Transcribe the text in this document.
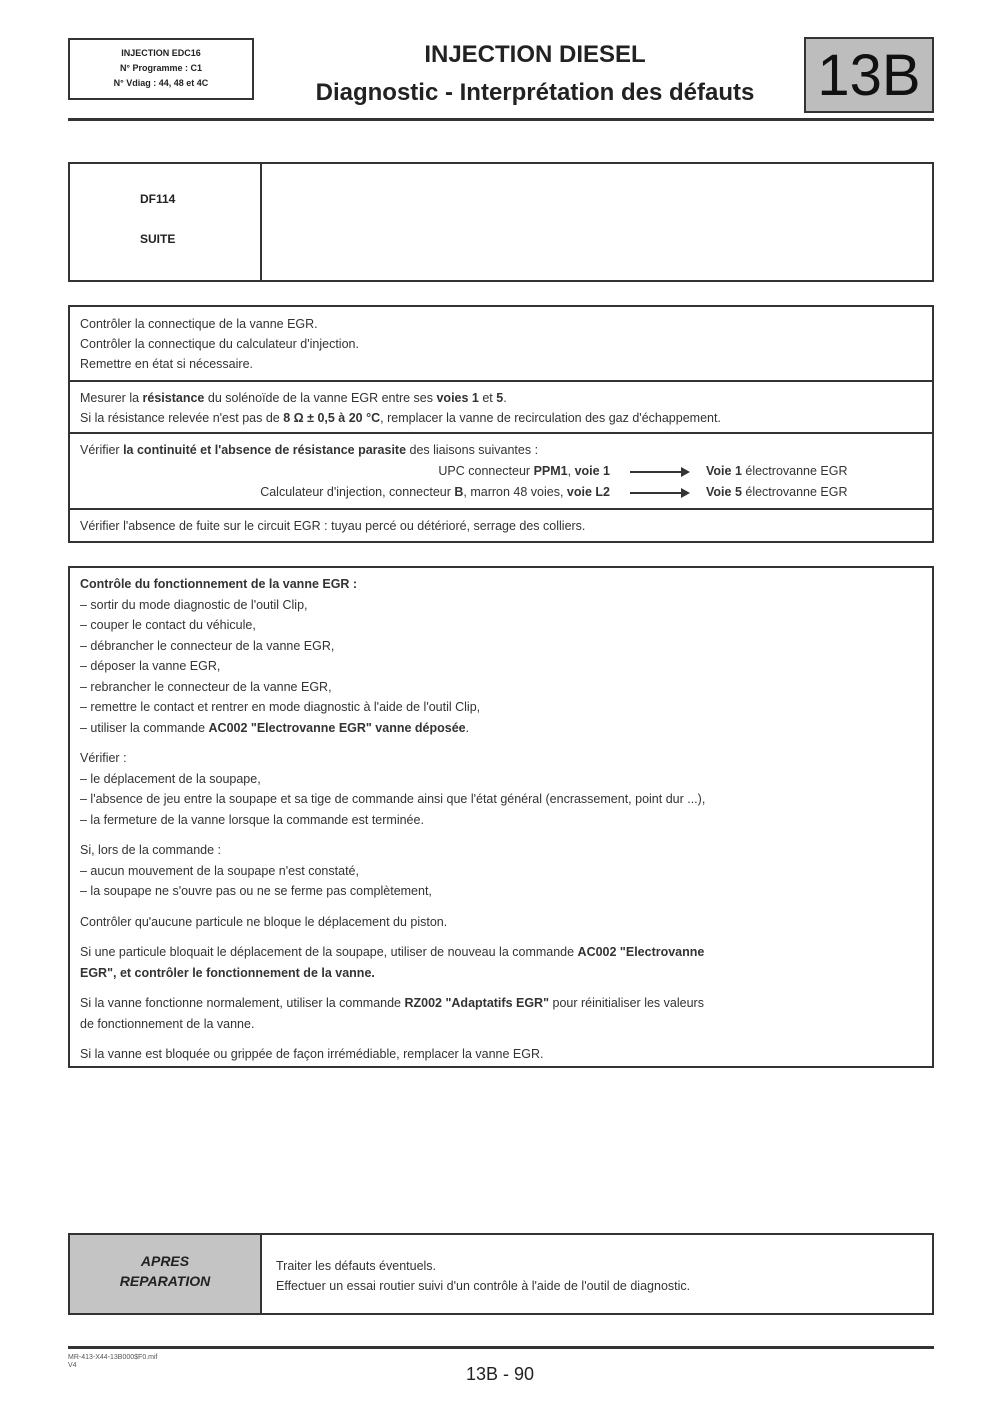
INJECTION EDC16
N° Programme : C1
N° Vdiag : 44, 48 et 4C
INJECTION DIESEL
Diagnostic - Interprétation des défauts	13B
DF114
SUITE

Contrôler la connectique de la vanne EGR.

Contrôler la connectique du calculateur d'injection.

Remettre en état si nécessaire.

Mesurer la résistance du solénoïde de la vanne EGR entre ses voies 1 et 5.

Si la résistance relevée n'est pas de 8 Ω ± 0,5 à 20 °C, remplacer la vanne de recirculation des gaz d'échappement.

Vérifier la continuité et l'absence de résistance parasite des liaisons suivantes :

UPC connecteur PPM1, voie 1	Voie 1 électrovanne EGR
Calculateur d'injection, connecteur B, marron 48 voies, voie L2	Voie 5 électrovanne EGR

Vérifier l'absence de fuite sur le circuit EGR : tuyau percé ou détérioré, serrage des colliers.

Contrôle du fonctionnement de la vanne EGR :

– sortir du mode diagnostic de l'outil Clip,

– couper le contact du véhicule,

– débrancher le connecteur de la vanne EGR,

– déposer la vanne EGR,

– rebrancher le connecteur de la vanne EGR,

– remettre le contact et rentrer en mode diagnostic à l'aide de l'outil Clip,

– utiliser la commande AC002 "Electrovanne EGR" vanne déposée.

Vérifier :

– le déplacement de la soupape,

– l'absence de jeu entre la soupape et sa tige de commande ainsi que l'état général (encrassement, point dur ...),

– la fermeture de la vanne lorsque la commande est terminée.

Si, lors de la commande :

– aucun mouvement de la soupape n'est constaté,

– la soupape ne s'ouvre pas ou ne se ferme pas complètement,

Contrôler qu'aucune particule ne bloque le déplacement du piston.

Si une particule bloquait le déplacement de la soupape, utiliser de nouveau la commande AC002 "Electrovanne

EGR", et contrôler le fonctionnement de la vanne.

Si la vanne fonctionne normalement, utiliser la commande RZ002 "Adaptatifs EGR" pour réinitialiser les valeurs

de fonctionnement de la vanne.

Si la vanne est bloquée ou grippée de façon irrémédiable, remplacer la vanne EGR.

APRES
REPARATION

Traiter les défauts éventuels.

Effectuer un essai routier suivi d'un contrôle à l'aide de l'outil de diagnostic.

MR-413-X44-13B000$F0.mif
V4	13B - 90
